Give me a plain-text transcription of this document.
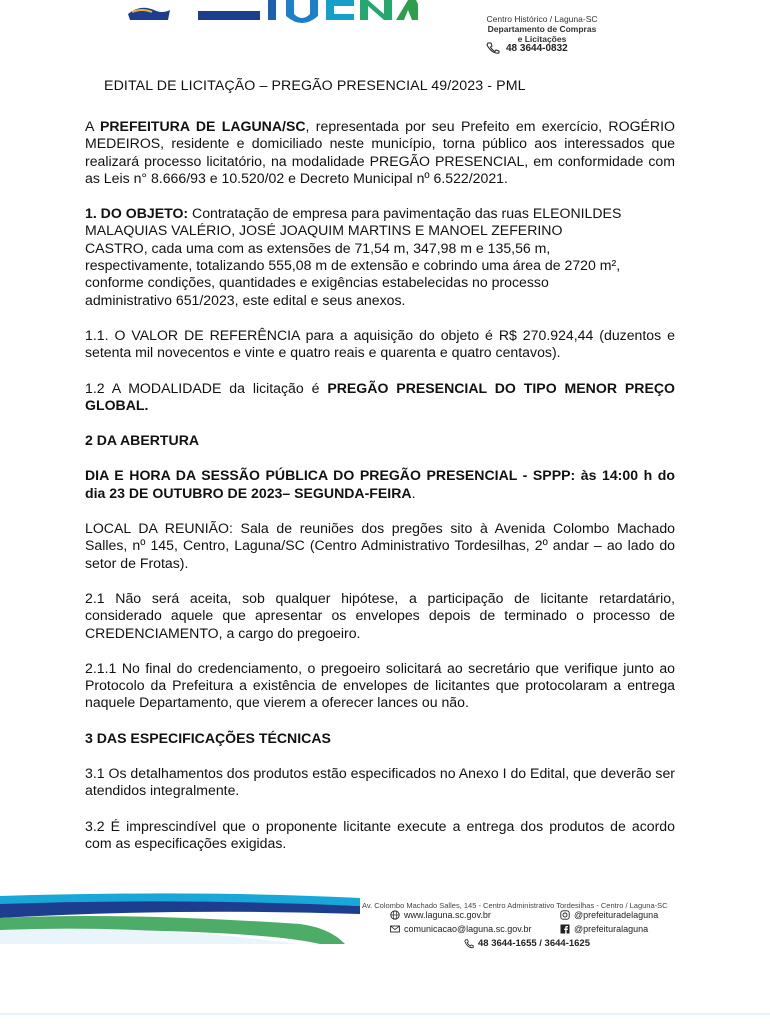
Centro Histórico / Laguna-SC
Departamento de Compras
e Licitações
48 3644-0832
EDITAL DE LICITAÇÃO – PREGÃO PRESENCIAL 49/2023 - PML

A PREFEITURA DE LAGUNA/SC, representada por seu Prefeito em exercício, ROGÉRIO MEDEIROS, residente e domiciliado neste município, torna público aos interessados que realizará processo licitatório, na modalidade PREGÃO PRESENCIAL, em conformidade com as Leis n° 8.666/93 e 10.520/02 e Decreto Municipal nº 6.522/2021.

1. DO OBJETO: Contratação de empresa para pavimentação das ruas ELEONILDES
MALAQUIAS VALÉRIO, JOSÉ JOAQUIM MARTINS E MANOEL ZEFERINO
CASTRO, cada uma com as extensões de 71,54 m, 347,98 m e 135,56 m,
respectivamente, totalizando 555,08 m de extensão e cobrindo uma área de 2720 m²,
conforme condições, quantidades e exigências estabelecidas no processo
administrativo 651/2023, este edital e seus anexos.

1.1. O VALOR DE REFERÊNCIA para a aquisição do objeto é R$ 270.924,44 (duzentos e setenta mil novecentos e vinte e quatro reais e quarenta e quatro centavos).

1.2 A MODALIDADE da licitação é PREGÃO PRESENCIAL DO TIPO MENOR PREÇO GLOBAL.

2 DA ABERTURA

DIA E HORA DA SESSÃO PÚBLICA DO PREGÃO PRESENCIAL - SPPP: às 14:00 h do dia 23 DE OUTUBRO DE 2023– SEGUNDA-FEIRA.

LOCAL DA REUNIÃO: Sala de reuniões dos pregões sito à Avenida Colombo Machado Salles, nº 145, Centro, Laguna/SC (Centro Administrativo Tordesilhas, 2º andar – ao lado do setor de Frotas).

2.1 Não será aceita, sob qualquer hipótese, a participação de licitante retardatário, considerado aquele que apresentar os envelopes depois de terminado o processo de CREDENCIAMENTO, a cargo do pregoeiro.

2.1.1 No final do credenciamento, o pregoeiro solicitará ao secretário que verifique junto ao Protocolo da Prefeitura a existência de envelopes de licitantes que protocolaram a entrega naquele Departamento, que vierem a oferecer lances ou não.

3 DAS ESPECIFICAÇÕES TÉCNICAS

3.1 Os detalhamentos dos produtos estão especificados no Anexo I do Edital, que deverão ser atendidos integralmente.

3.2 É imprescindível que o proponente licitante execute a entrega dos produtos de acordo com as especificações exigidas.

Av. Colombo Machado Salles, 145 - Centro Administrativo Tordesilhas - Centro / Laguna-SC
www.laguna.sc.gov.br	@prefeituradelaguna
comunicacao@laguna.sc.gov.br	@prefeituralaguna
48 3644-1655 / 3644-1625
